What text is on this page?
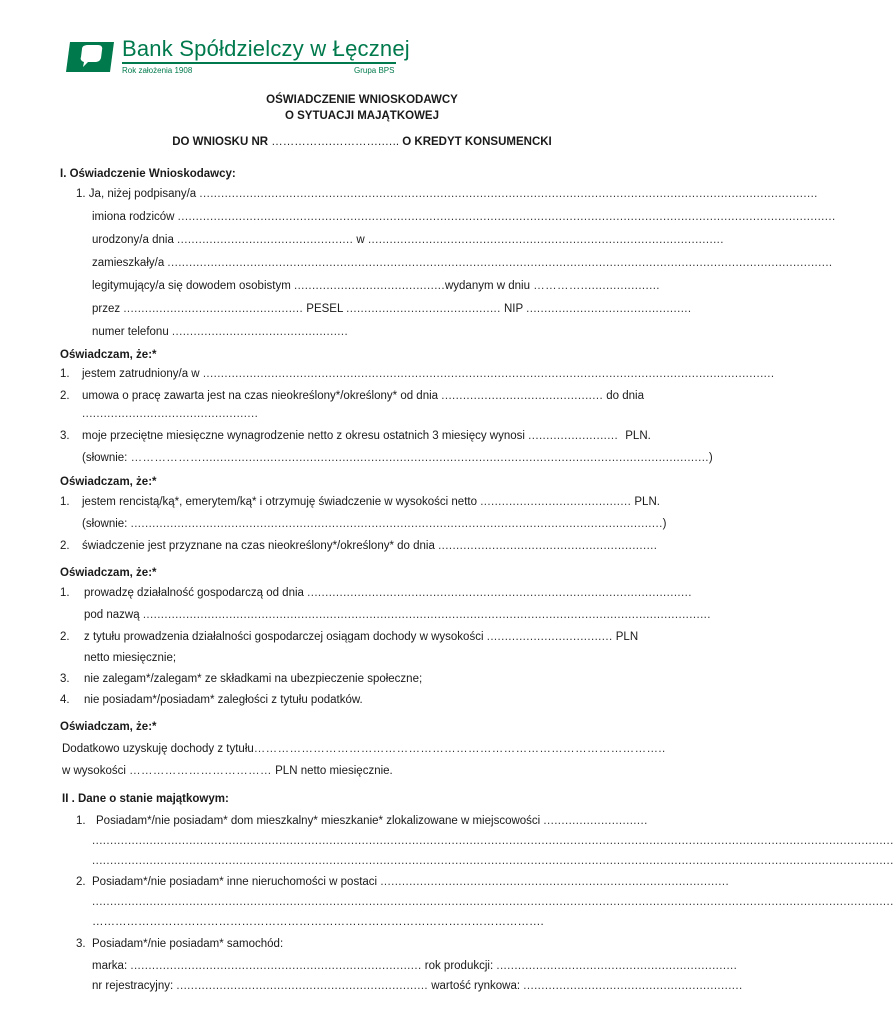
Bank Spółdzielczy w Łęcznej
Rok założenia 1908	Grupa BPS
OŚWIADCZENIE WNIOSKODAWCY
O SYTUACJI MAJĄTKOWEJ
DO WNIOSKU NR …………….………….….. O KREDYT KONSUMENCKI
I. Oświadczenie Wnioskodawcy:
1. Ja, niżej podpisany/a ............................................................................................................................................................................
imiona rodziców .......................................................................................................................................................................................
urodzony/a dnia ................................................. w ...................................................................................................
zamieszkały/a .........................................................................................................................................................................................
legitymujący/a się dowodem osobistym ..........................................wydanym w dniu …………......................
przez .................................................. PESEL ........................................... NIP ..............................................
numer telefonu .................................................
Oświadczam, że:*
1. jestem zatrudniony/a w ...............................................................................................................................................................
2. umowa o pracę zawarta jest na czas nieokreślony*/określony* od dnia ............................................. do dnia
.................................................
3. moje przeciętne miesięczne wynagrodzenie netto z okresu ostatnich 3 miesięcy wynosi ......................... PLN.
(słownie: ……………….............................................................................................................................................)
Oświadczam, że:*
1. jestem rencistą/ką*, emerytem/ką* i otrzymuję świadczenie w wysokości netto .......................................... PLN.
(słownie: ....................................................................................................................................................)
2. świadczenie jest przyznane na czas nieokreślony*/określony* do dnia .............................................................
Oświadczam, że:*
1. prowadzę działalność gospodarczą od dnia ...........................................................................................................
pod nazwą ..............................................................................................................................................................
2. z tytułu prowadzenia działalności gospodarczej osiągam dochody w wysokości ................................... PLN
netto miesięcznie;
3. nie zalegam*/zalegam* ze składkami na ubezpieczenie społeczne;
4. nie posiadam*/posiadam* zaległości z tytułu podatków.
Oświadczam, że:*
Dodatkowo uzyskuję dochody z tytułu…………………………………………………………………………………………..
w wysokości ……………………………… PLN netto miesięcznie.
II . Dane o stanie majątkowym:
1. Posiadam*/nie posiadam* dom mieszkalny* mieszkanie* zlokalizowane w miejscowości .............................
...............................................................................................................................................................................................................................
...............................................................................................................................................................................................................................
2. Posiadam*/nie posiadam* inne nieruchomości w postaci .................................................................................................
...............................................................................................................................................................................................................................
……………………………………………………………………………………………………….
3. Posiadam*/nie posiadam* samochód:
marka: ................................................................................. rok produkcji: ...................................................................
nr rejestracyjny: ...................................................................... wartość rynkowa: .............................................................
